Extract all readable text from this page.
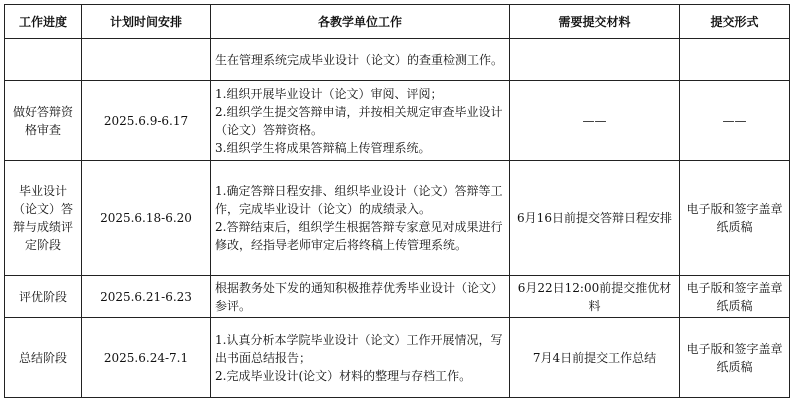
工作进度	计划时间安排	各教学单位工作	需要提交材料	提交形式

		生在管理系统完成毕业设计（论文）的查重检测工作。		

做好答辩资格审查	2025.6.9-6.17	1.组织开展毕业设计（论文）审阅、评阅；
2.组织学生提交答辩申请，并按相关规定审查毕业设计（论文）答辩资格。
3.组织学生将成果答辩稿上传管理系统。	——	——
毕业设计（论文）答辩与成绩评定阶段	2025.6.18-6.20	1.确定答辩日程安排、组织毕业设计（论文）答辩等工作，完成毕业设计（论文）的成绩录入。
2.答辩结束后，组织学生根据答辩专家意见对成果进行修改，经指导老师审定后将终稿上传管理系统。	6月16日前提交答辩日程安排	电子版和签字盖章纸质稿
评优阶段	2025.6.21-6.23	根据教务处下发的通知积极推荐优秀毕业设计（论文）参评。	6月22日12:00前提交推优材料	电子版和签字盖章纸质稿
总结阶段	2025.6.24-7.1	1.认真分析本学院毕业设计（论文）工作开展情况，写出书面总结报告；
2.完成毕业设计(论文）材料的整理与存档工作。	7月4日前提交工作总结	电子版和签字盖章纸质稿
